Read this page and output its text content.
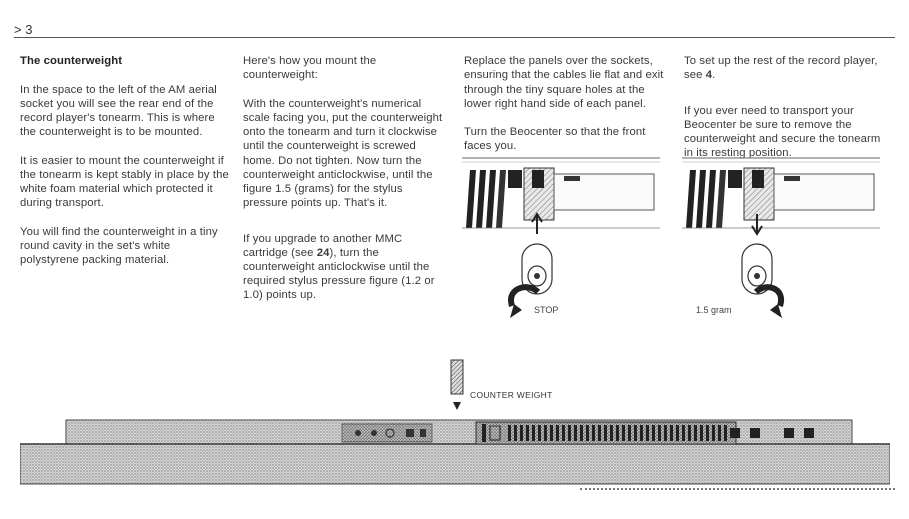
> 3

The counterweight

In the space to the left of the AM aerial socket you will see the rear end of the record player's tonearm. This is where the counterweight is to be mounted.

It is easier to mount the counterweight if the tonearm is kept stably in place by the white foam material which protected it during transport.

You will find the counterweight in a tiny round cavity in the set's white polystyrene packing material.

Here's how you mount the counterweight:

With the counterweight's numerical scale facing you, put the counterweight onto the tonearm and turn it clockwise until the counterweight is screwed home. Do not tighten. Now turn the counterweight anticlockwise, until the figure 1.5 (grams) for the stylus pressure points up. That's it.

If you upgrade to another MMC cartridge (see 24), turn the counterweight anticlockwise until the required stylus pressure figure (1.2 or 1.0) points up.

Replace the panels over the sockets, ensuring that the cables lie flat and exit through the tiny square holes at the lower right hand side of each panel.

Turn the Beocenter so that the front faces you.

To set up the rest of the record player, see 4.

If you ever need to transport your Beocenter be sure to remove the counterweight and secure the tonearm in its resting position.

STOP	1.5 gram
COUNTER WEIGHT
